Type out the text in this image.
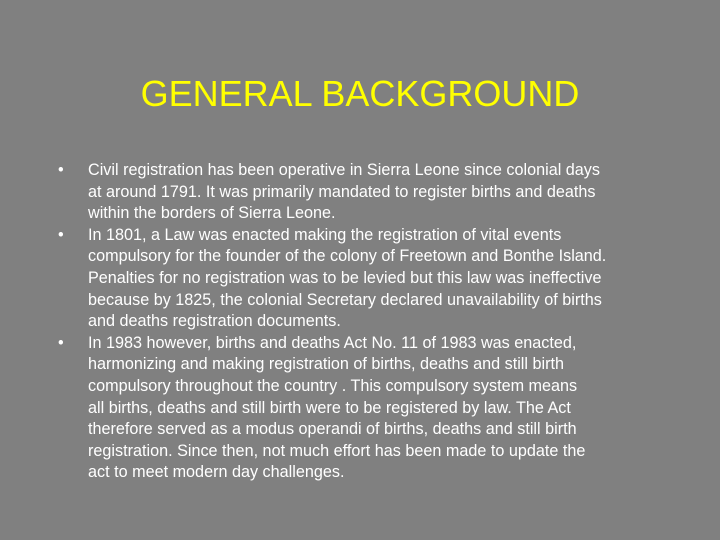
GENERAL BACKGROUND
•	Civil registration has been operative in Sierra Leone since colonial days
at around 1791. It was primarily mandated to register births and deaths
within the borders of Sierra Leone.
•	In 1801, a Law was enacted making the registration of vital events
compulsory for the founder of the colony of Freetown and Bonthe Island.
Penalties for no registration was to be levied but this law was ineffective
because by 1825, the colonial Secretary declared unavailability of births
and deaths registration documents.
•	In 1983 however, births and deaths Act No. 11 of 1983 was enacted,
harmonizing and making registration of births, deaths and still birth
compulsory throughout the country . This compulsory system means
all births, deaths and still birth were to be registered by law. The Act
therefore served as a modus operandi of births, deaths and still birth
registration. Since then, not much effort has been made to update the
act to meet modern day challenges.
